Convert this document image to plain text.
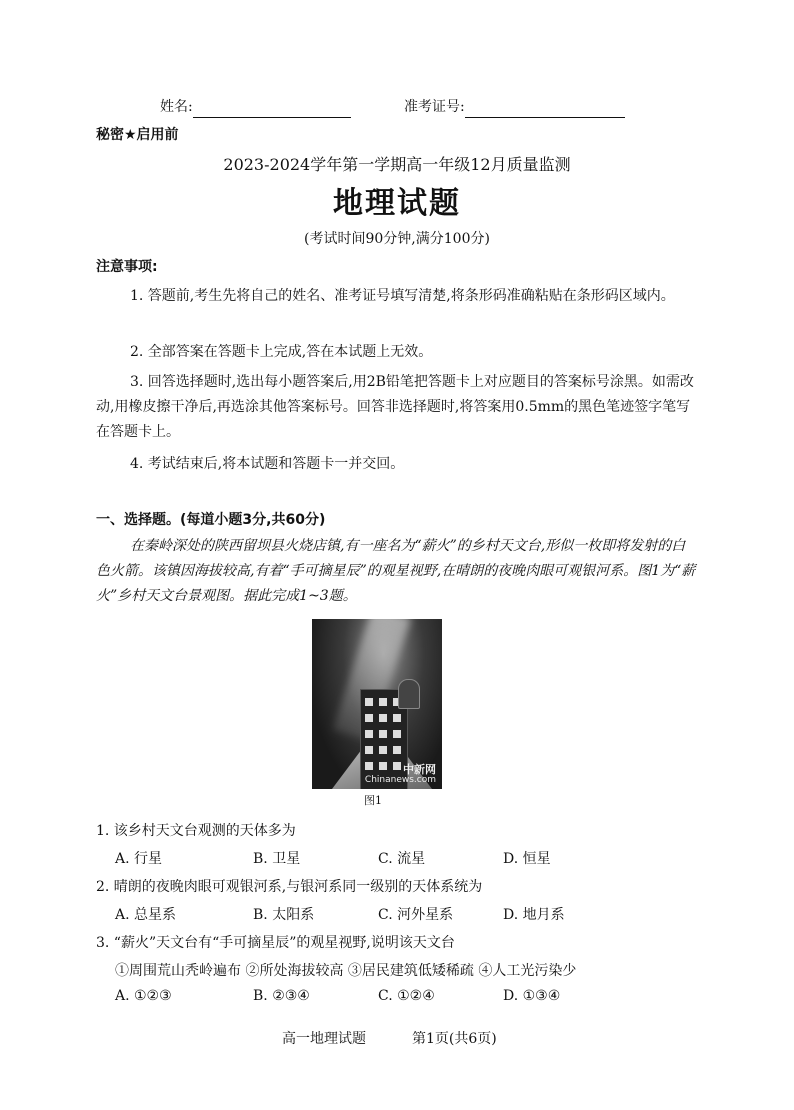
姓名:	准考证号:
秘密★启用前
2023-2024学年第一学期高一年级12月质量监测
地理试题
(考试时间90分钟,满分100分)
注意事项:
1. 答题前,考生先将自己的姓名、准考证号填写清楚,将条形码准确粘贴在条形码区域内。
2. 全部答案在答题卡上完成,答在本试题上无效。
3. 回答选择题时,选出每小题答案后,用2B铅笔把答题卡上对应题目的答案标号涂黑。如需改动,用橡皮擦干净后,再选涂其他答案标号。回答非选择题时,将答案用0.5mm的黑色笔迹签字笔写在答题卡上。
4. 考试结束后,将本试题和答题卡一并交回。
一、选择题。(每道小题3分,共60分)
在秦岭深处的陕西留坝县火烧店镇,有一座名为“薪火”的乡村天文台,形似一枚即将发射的白色火箭。该镇因海拔较高,有着“手可摘星辰”的观星视野,在晴朗的夜晚肉眼可观银河系。图1为“薪火”乡村天文台景观图。据此完成1~3题。
中新网
Chinanews.com
图1
1. 该乡村天文台观测的天体多为
A. 行星	B. 卫星	C. 流星	D. 恒星
2. 晴朗的夜晚肉眼可观银河系,与银河系同一级别的天体系统为
A. 总星系	B. 太阳系	C. 河外星系	D. 地月系
3. “薪火”天文台有“手可摘星辰”的观星视野,说明该天文台
①周围荒山秃岭遍布 ②所处海拔较高 ③居民建筑低矮稀疏 ④人工光污染少
A. ①②③	B. ②③④	C. ①②④	D. ①③④
高一地理试题	第1页(共6页)
